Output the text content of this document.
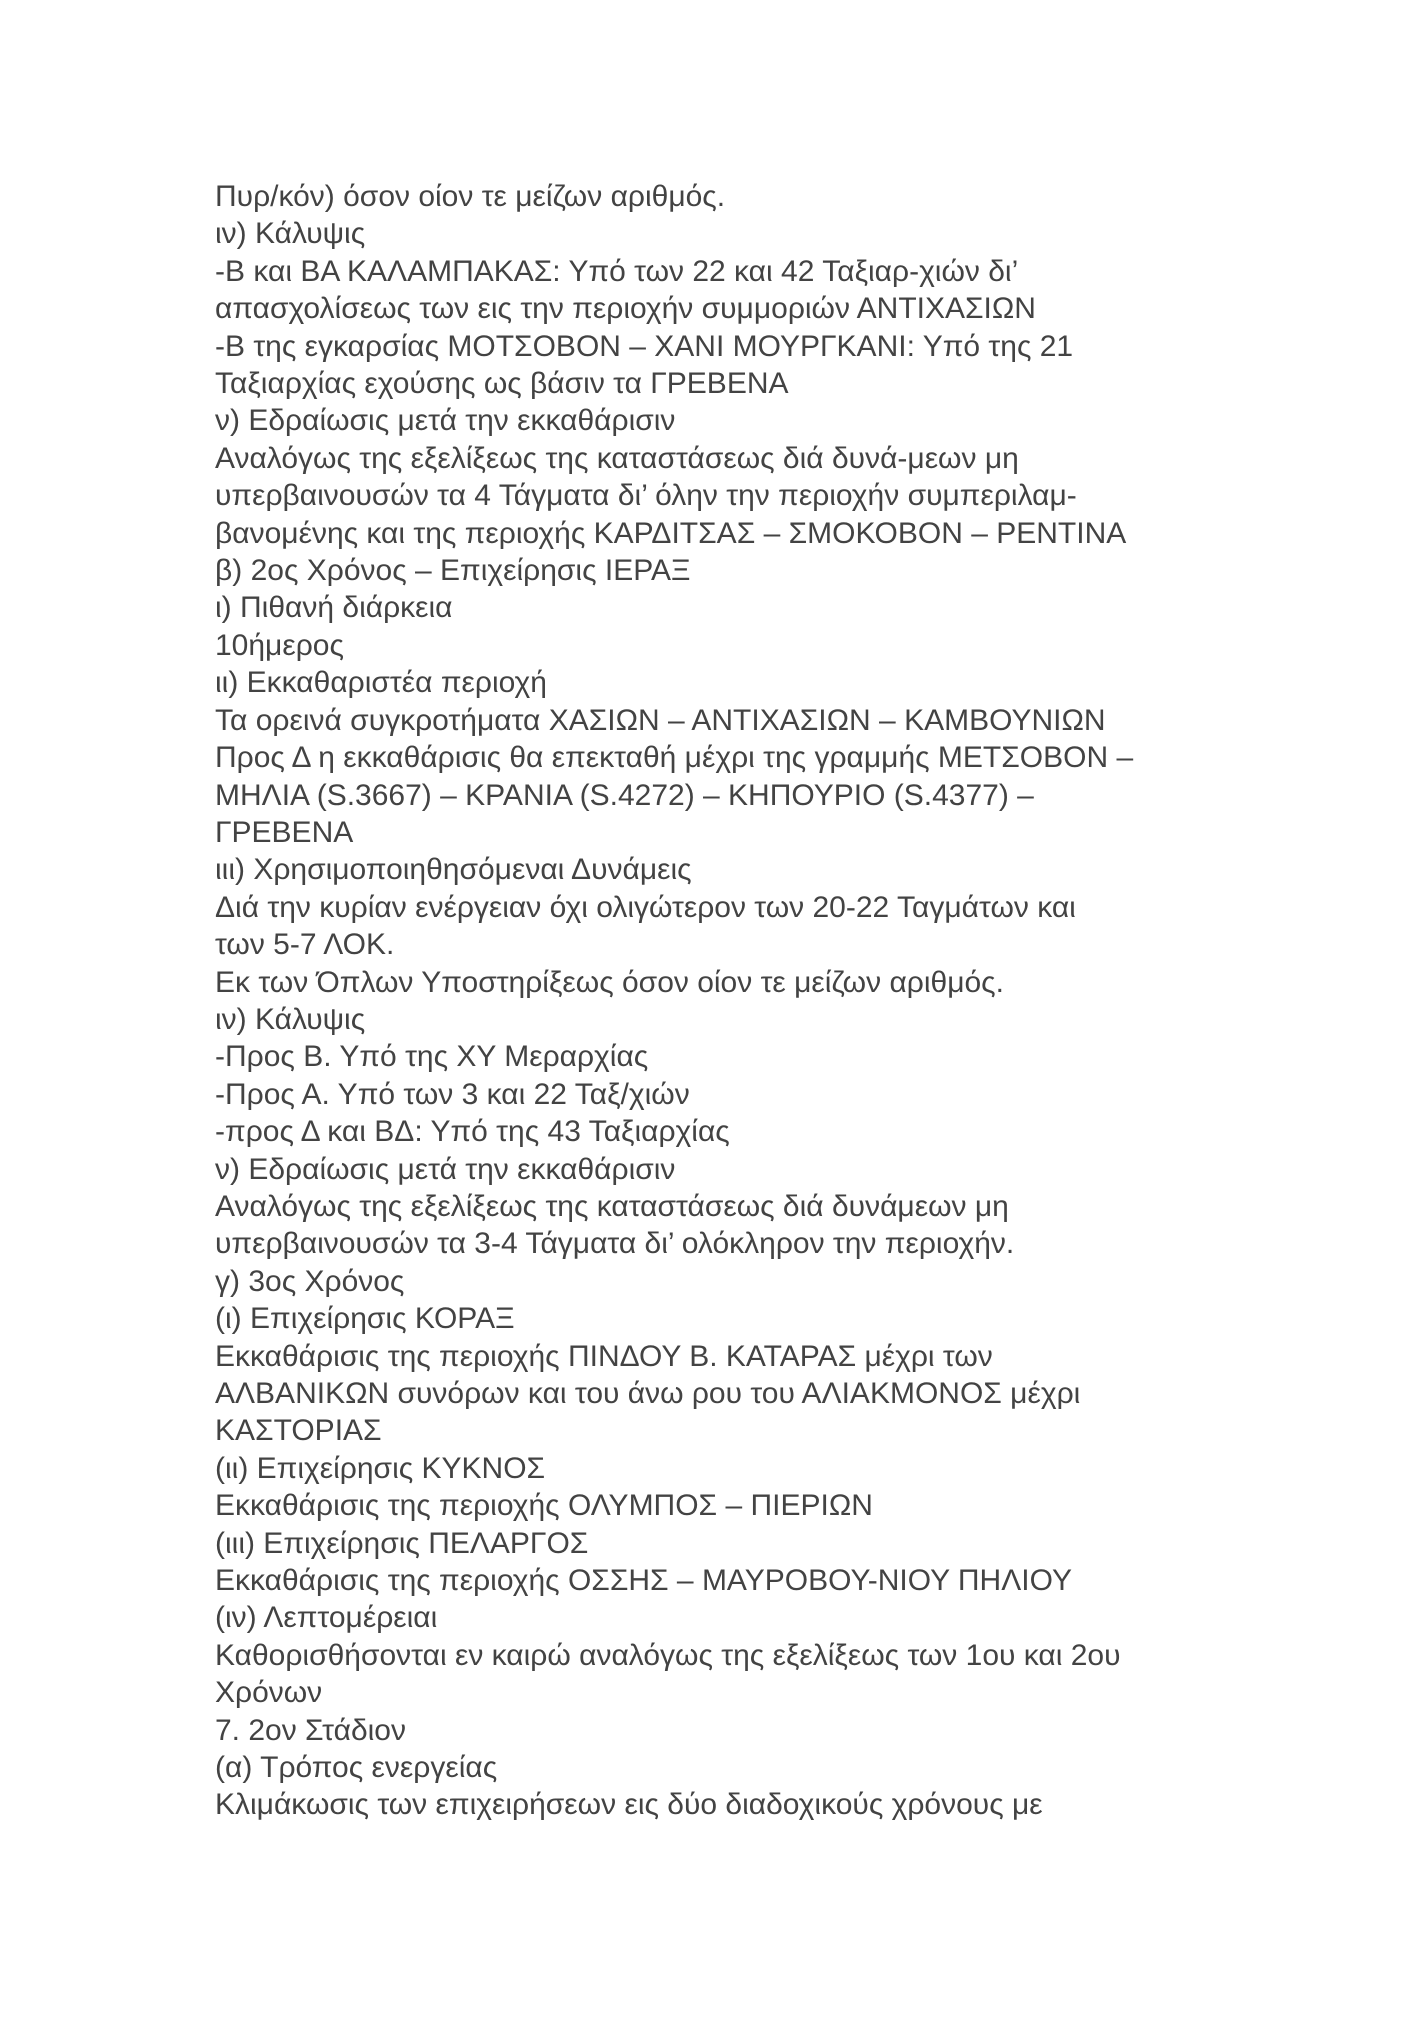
Πυρ/κόν) όσον οίον τε μείζων αριθμός.
ιν) Κάλυψις
-Β και ΒΑ ΚΑΛΑΜΠΑΚΑΣ: Υπό των 22 και 42 Ταξιαρ-χιών δι’
απασχολίσεως των εις την περιοχήν συμμοριών ΑΝΤΙΧΑΣΙΩΝ
-Β της εγκαρσίας ΜΟΤΣΟΒΟΝ – ΧΑΝΙ ΜΟΥΡΓΚΑΝΙ: Υπό της 21
Ταξιαρχίας εχούσης ως βάσιν τα ΓΡΕΒΕΝΑ
ν) Εδραίωσις μετά την εκκαθάρισιν
Αναλόγως της εξελίξεως της καταστάσεως διά δυνά-μεων μη
υπερβαινουσών τα 4 Τάγματα δι’ όλην την περιοχήν συμπεριλαμ-
βανομένης και της περιοχής ΚΑΡΔΙΤΣΑΣ – ΣΜΟΚΟΒΟΝ – ΡΕΝΤΙΝΑ
β) 2ος Χρόνος – Επιχείρησις ΙΕΡΑΞ
ι) Πιθανή διάρκεια
10ήμερος
ιι) Εκκαθαριστέα περιοχή
Τα ορεινά συγκροτήματα ΧΑΣΙΩΝ – ΑΝΤΙΧΑΣΙΩΝ – ΚΑΜΒΟΥΝΙΩΝ
Προς Δ η εκκαθάρισις θα επεκταθή μέχρι της γραμμής ΜΕΤΣΟΒΟΝ –
ΜΗΛΙΑ (S.3667) – ΚΡΑΝΙΑ (S.4272) – ΚΗΠΟΥΡΙΟ (S.4377) –
ΓΡΕΒΕΝΑ
ιιι) Χρησιμοποιηθησόμεναι Δυνάμεις
Διά την κυρίαν ενέργειαν όχι ολιγώτερον των 20-22 Ταγμάτων και
των 5-7 ΛΟΚ.
Εκ των Όπλων Υποστηρίξεως όσον οίον τε μείζων αριθμός.
ιν) Κάλυψις
-Προς Β. Υπό της ΧΥ Μεραρχίας
-Προς Α. Υπό των 3 και 22 Ταξ/χιών
-προς Δ και ΒΔ: Υπό της 43 Ταξιαρχίας
ν) Εδραίωσις μετά την εκκαθάρισιν
Αναλόγως της εξελίξεως της καταστάσεως διά δυνάμεων μη
υπερβαινουσών τα 3-4 Τάγματα δι’ ολόκληρον την περιοχήν.
γ) 3ος Χρόνος
(ι) Επιχείρησις ΚΟΡΑΞ
Εκκαθάρισις της περιοχής ΠΙΝΔΟΥ Β. ΚΑΤΑΡΑΣ μέχρι των
ΑΛΒΑΝΙΚΩΝ συνόρων και του άνω ρου του ΑΛΙΑΚΜΟΝΟΣ μέχρι
ΚΑΣΤΟΡΙΑΣ
(ιι) Επιχείρησις ΚΥΚΝΟΣ
Εκκαθάρισις της περιοχής ΟΛΥΜΠΟΣ – ΠΙΕΡΙΩΝ
(ιιι) Επιχείρησις ΠΕΛΑΡΓΟΣ
Εκκαθάρισις της περιοχής ΟΣΣΗΣ – ΜΑΥΡΟΒΟΥ-ΝΙΟΥ ΠΗΛΙΟΥ
(ιν) Λεπτομέρειαι
Καθορισθήσονται εν καιρώ αναλόγως της εξελίξεως των 1ου και 2ου
Χρόνων
7. 2ον Στάδιον
(α) Τρόπος ενεργείας
Κλιμάκωσις των επιχειρήσεων εις δύο διαδοχικούς χρόνους με
